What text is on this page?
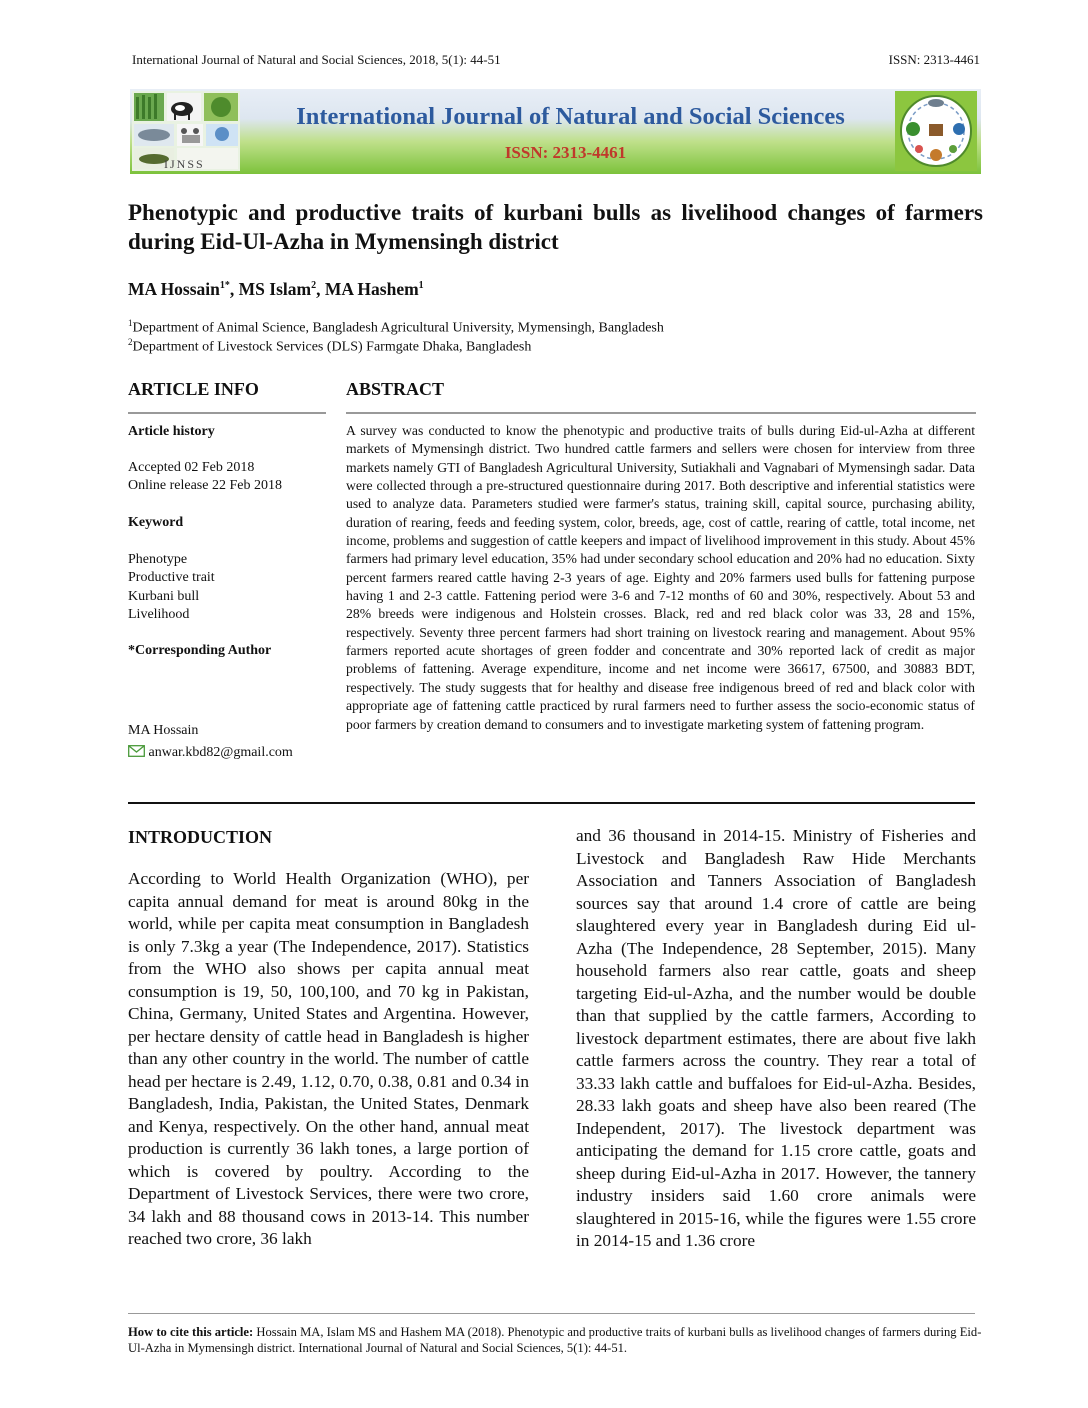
International Journal of Natural and Social Sciences, 2018, 5(1): 44-51	ISSN: 2313-4461
IJNSS
International Journal of Natural and Social Sciences
ISSN: 2313-4461
Phenotypic and productive traits of kurbani bulls as livelihood changes of farmers during Eid-Ul-Azha in Mymensingh district
MA Hossain$^{1*}$, MS Islam$^2$, MA Hashem$^1$
$^1$Department of Animal Science, Bangladesh Agricultural University, Mymensingh, Bangladesh
$^2$Department of Livestock Services (DLS) Farmgate Dhaka, Bangladesh
ARTICLE INFO	ABSTRACT
Article history
Accepted 02 Feb 2018
Online release 22 Feb 2018
Keyword
Phenotype
Productive trait
Kurbani bull
Livelihood
*Corresponding Author
MA Hossain
anwar.kbd82@gmail.com
A survey was conducted to know the phenotypic and productive traits of bulls during Eid-ul-Azha at different markets of Mymensingh district. Two hundred cattle farmers and sellers were chosen for interview from three markets namely GTI of Bangladesh Agricultural University, Sutiakhali and Vagnabari of Mymensingh sadar. Data were collected through a pre-structured questionnaire during 2017. Both descriptive and inferential statistics were used to analyze data. Parameters studied were farmer's status, training skill, capital source, purchasing ability, duration of rearing, feeds and feeding system, color, breeds, age, cost of cattle, rearing of cattle, total income, net income, problems and suggestion of cattle keepers and impact of livelihood improvement in this study. About 45% farmers had primary level education, 35% had under secondary school education and 20% had no education. Sixty percent farmers reared cattle having 2-3 years of age. Eighty and 20% farmers used bulls for fattening purpose having 1 and 2-3 cattle. Fattening period were 3-6 and 7-12 months of 60 and 30%, respectively. About 53 and 28% breeds were indigenous and Holstein crosses. Black, red and red black color was 33, 28 and 15%, respectively. Seventy three percent farmers had short training on livestock rearing and management. About 95% farmers reported acute shortages of green fodder and concentrate and 30% reported lack of credit as major problems of fattening. Average expenditure, income and net income were 36617, 67500, and 30883 BDT, respectively. The study suggests that for healthy and disease free indigenous breed of red and black color with appropriate age of fattening cattle practiced by rural farmers need to further assess the socio-economic status of poor farmers by creation demand to consumers and to investigate marketing system of fattening program.
INTRODUCTION
According to World Health Organization (WHO), per capita annual demand for meat is around 80kg in the world, while per capita meat consumption in Bangladesh is only 7.3kg a year (The Independence, 2017). Statistics from the WHO also shows per capita annual meat consumption is 19, 50, 100,100, and 70 kg in Pakistan, China, Germany, United States and Argentina. However, per hectare density of cattle head in Bangladesh is higher than any other country in the world. The number of cattle head per hectare is 2.49, 1.12, 0.70, 0.38, 0.81 and 0.34 in Bangladesh, India, Pakistan, the United States, Denmark and Kenya, respectively. On the other hand, annual meat production is currently 36 lakh tones, a large portion of which is covered by poultry. According to the Department of Livestock Services, there were two crore, 34 lakh and 88 thousand cows in 2013-14. This number reached two crore, 36 lakh
and 36 thousand in 2014-15. Ministry of Fisheries and Livestock and Bangladesh Raw Hide Merchants Association and Tanners Association of Bangladesh sources say that around 1.4 crore of cattle are being slaughtered every year in Bangladesh during Eid ul- Azha (The Independence, 28 September, 2015). Many household farmers also rear cattle, goats and sheep targeting Eid-ul-Azha, and the number would be double than that supplied by the cattle farmers, According to livestock department estimates, there are about five lakh cattle farmers across the country. They rear a total of 33.33 lakh cattle and buffaloes for Eid-ul-Azha. Besides, 28.33 lakh goats and sheep have also been reared (The Independent, 2017). The livestock department was anticipating the demand for 1.15 crore cattle, goats and sheep during Eid-ul-Azha in 2017. However, the tannery industry insiders said 1.60 crore animals were slaughtered in 2015-16, while the figures were 1.55 crore in 2014-15 and 1.36 crore
How to cite this article: Hossain MA, Islam MS and Hashem MA (2018). Phenotypic and productive traits of kurbani bulls as livelihood changes of farmers during Eid-Ul-Azha in Mymensingh district. International Journal of Natural and Social Sciences, 5(1): 44-51.
